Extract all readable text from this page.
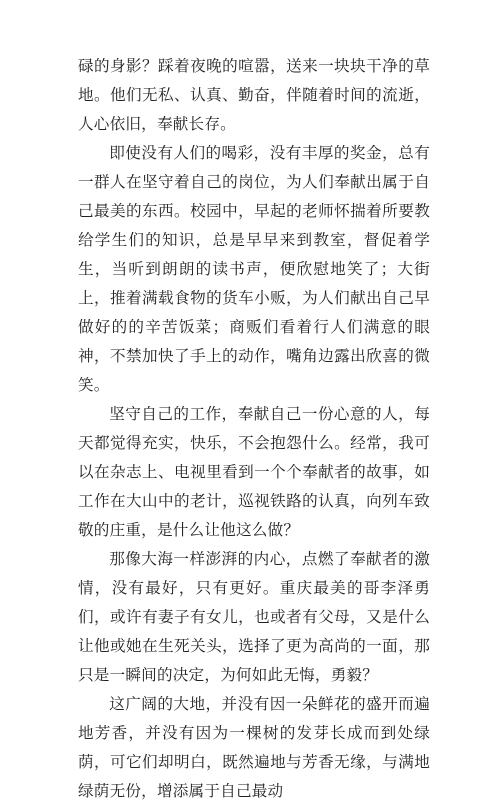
碌的身影？踩着夜晚的喧嚣，送来一块块干净的草地。他们无私、认真、勤奋，伴随着时间的流逝，人心依旧，奉献长存。

即使没有人们的喝彩，没有丰厚的奖金，总有一群人在坚守着自己的岗位，为人们奉献出属于自己最美的东西。校园中，早起的老师怀揣着所要教给学生们的知识，总是早早来到教室，督促着学生，当听到朗朗的读书声，便欣慰地笑了；大街上，推着满载食物的货车小贩，为人们献出自己早做好的的辛苦饭菜；商贩们看着行人们满意的眼神，不禁加快了手上的动作，嘴角边露出欣喜的微笑。

坚守自己的工作，奉献自己一份心意的人，每天都觉得充实，快乐，不会抱怨什么。经常，我可以在杂志上、电视里看到一个个奉献者的故事，如工作在大山中的老计，巡视铁路的认真，向列车致敬的庄重，是什么让他这么做？

那像大海一样澎湃的内心，点燃了奉献者的激情，没有最好，只有更好。重庆最美的哥李泽勇们，或许有妻子有女儿，也或者有父母，又是什么让他或她在生死关头，选择了更为高尚的一面，那只是一瞬间的决定，为何如此无悔，勇毅？

这广阔的大地，并没有因一朵鲜花的盛开而遍地芳香，并没有因为一棵树的发芽长成而到处绿荫，可它们却明白，既然遍地与芳香无缘，与满地绿荫无份，增添属于自己最动
